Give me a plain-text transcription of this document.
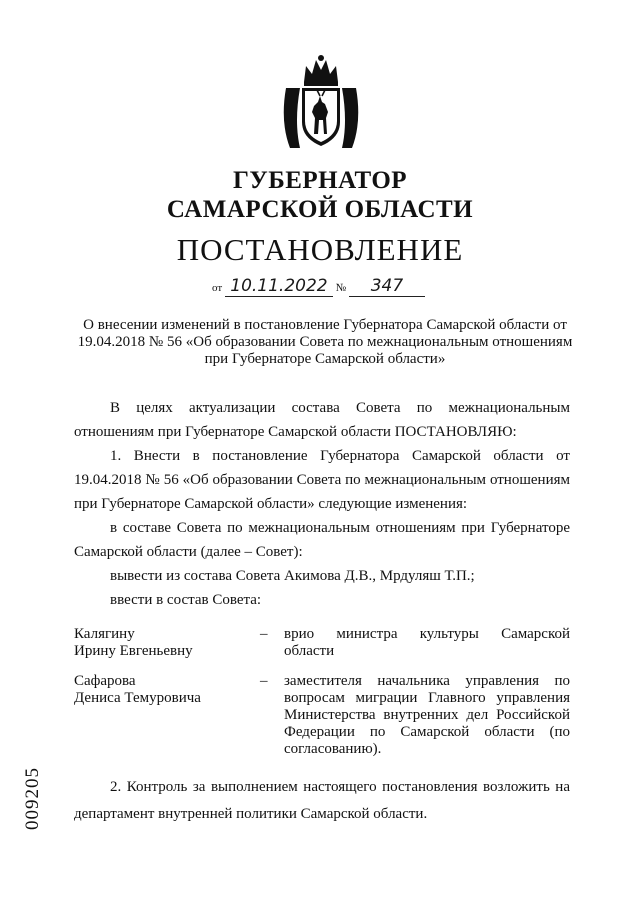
ГУБЕРНАТОР
САМАРСКОЙ ОБЛАСТИ
ПОСТАНОВЛЕНИЕ
от 10.11.2022 № 347
О внесении изменений в постановление Губернатора Самарской области от 19.04.2018 № 56 «Об образовании Совета по межнациональным отношениям при Губернаторе Самарской области»
В целях актуализации состава Совета по межнациональным отношениям при Губернаторе Самарской области ПОСТАНОВЛЯЮ:
1. Внести в постановление Губернатора Самарской области от 19.04.2018 № 56 «Об образовании Совета по межнациональным отношениям при Губернаторе Самарской области» следующие изменения:
в составе Совета по межнациональным отношениям при Губернаторе Самарской области (далее – Совет):
вывести из состава Совета Акимова Д.В., Мрдуляш Т.П.;
ввести в состав Совета:
Калягину
Ирину Евгеньевну
– врио министра культуры Самарской
области
Сафарова
Дениса Темуровича
– заместителя начальника управления по вопросам миграции Главного управления Министерства внутренних дел Российской Федерации по Самарской области (по согласованию).
2. Контроль за выполнением настоящего постановления возложить на департамент внутренней политики Самарской области.
009205
